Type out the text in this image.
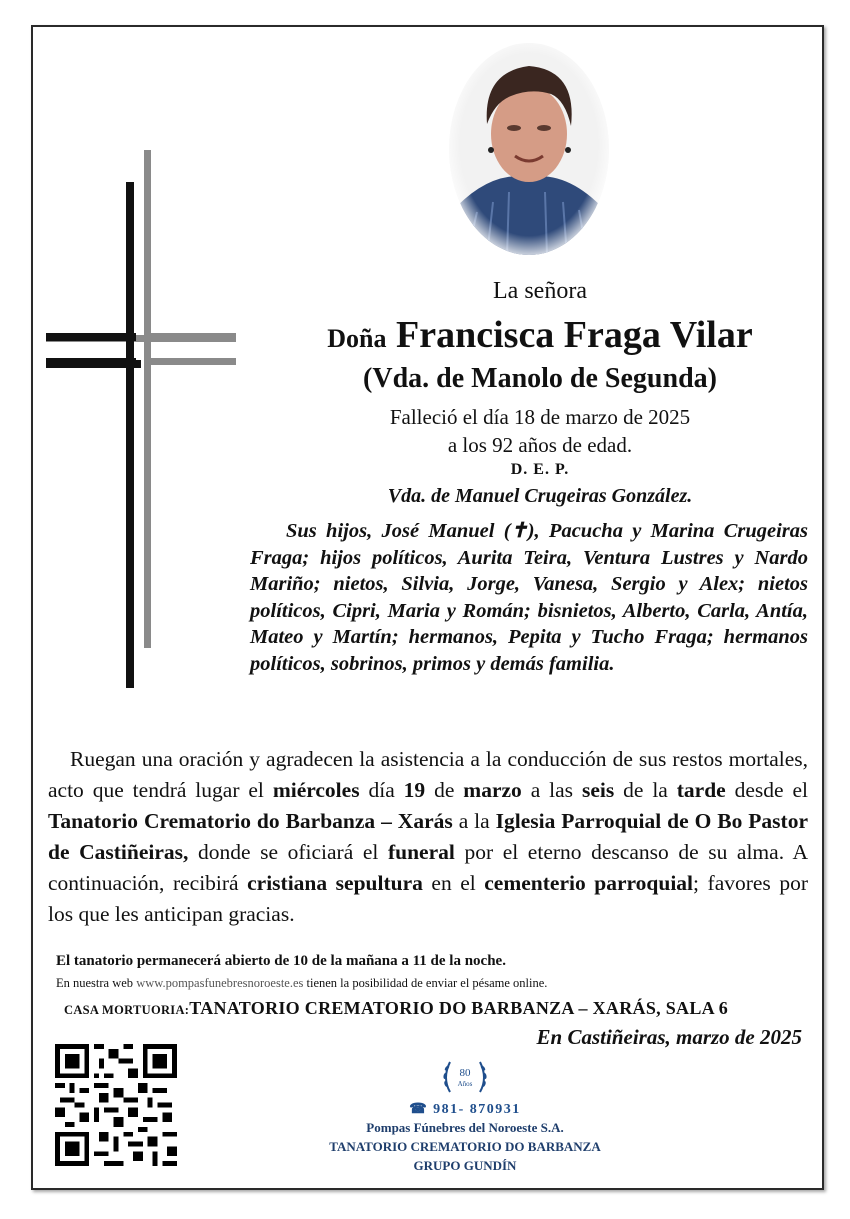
La señora
Doña Francisca Fraga Vilar
(Vda. de Manolo de Segunda)
Falleció el día 18 de marzo de 2025
a los 92 años de edad.
D. E. P.
Vda. de Manuel Crugeiras González.
Sus hijos, José Manuel (✝), Pacucha y Marina Crugeiras Fraga; hijos políticos, Aurita Teira, Ventura Lustres y Nardo Mariño; nietos, Silvia, Jorge, Vanesa, Sergio y Alex; nietos políticos, Cipri, Maria y Román; bisnietos, Alberto, Carla, Antía, Mateo y Martín; hermanos, Pepita y Tucho Fraga; hermanos políticos, sobrinos, primos y demás familia.
Ruegan una oración y agradecen la asistencia a la conducción de sus restos mortales, acto que tendrá lugar el miércoles día 19 de marzo a las seis de la tarde desde el Tanatorio Crematorio do Barbanza – Xarás a la Iglesia Parroquial de O Bo Pastor de Castiñeiras, donde se oficiará el funeral por el eterno descanso de su alma. A continuación, recibirá cristiana sepultura en el cementerio parroquial; favores por los que les anticipan gracias.
El tanatorio permanecerá abierto de 10 de la mañana a 11 de la noche.
En nuestra web www.pompasfunebresnoroeste.es tienen la posibilidad de enviar el pésame online.
CASA MORTUORIA:TANATORIO CREMATORIO DO BARBANZA – XARÁS, SALA 6
En Castiñeiras, marzo de 2025
80
Años
☎ 981- 870931
Pompas Fúnebres del Noroeste S.A.
TANATORIO CREMATORIO DO BARBANZA
GRUPO GUNDÍN
